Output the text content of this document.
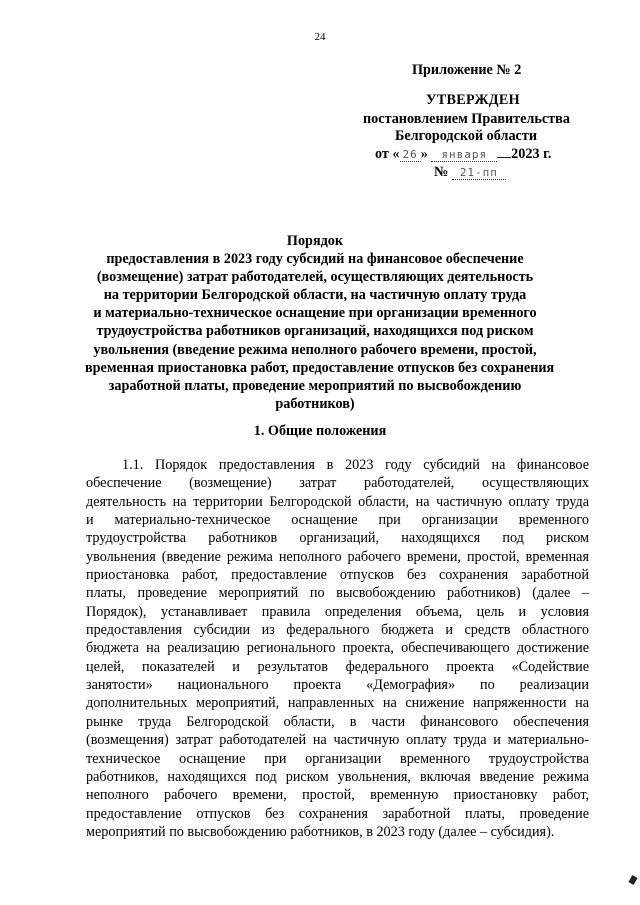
24
Приложение № 2
УТВЕРЖДЕН
постановлением Правительства
Белгородской области
от « 26 » января 2023 г.
№ 21-пп
Порядок
предоставления в 2023 году субсидий на финансовое обеспечение
(возмещение) затрат работодателей, осуществляющих деятельность
на территории Белгородской области, на частичную оплату труда
и материально-техническое оснащение при организации временного
трудоустройства работников организаций, находящихся под риском
увольнения (введение режима неполного рабочего времени, простой,
временная приостановка работ, предоставление отпусков без сохранения
заработной платы, проведение мероприятий по высвобождению
работников)
1. Общие положения
1.1. Порядок предоставления в 2023 году субсидий на финансовое
обеспечение (возмещение) затрат работодателей, осуществляющих
деятельность на территории Белгородской области, на частичную оплату труда
и материально-техническое оснащение при организации временного
трудоустройства работников организаций, находящихся под риском
увольнения (введение режима неполного рабочего времени, простой, временная
приостановка работ, предоставление отпусков без сохранения заработной
платы, проведение мероприятий по высвобождению работников) (далее –
Порядок), устанавливает правила определения объема, цель и условия
предоставления субсидии из федерального бюджета и средств областного
бюджета на реализацию регионального проекта, обеспечивающего достижение
целей, показателей и результатов федерального проекта «Содействие
занятости» национального проекта «Демография» по реализации
дополнительных мероприятий, направленных на снижение напряженности на
рынке труда Белгородской области, в части финансового обеспечения
(возмещения) затрат работодателей на частичную оплату труда и материально-
техническое оснащение при организации временного трудоустройства
работников, находящихся под риском увольнения, включая введение режима
неполного рабочего времени, простой, временную приостановку работ,
предоставление отпусков без сохранения заработной платы, проведение
мероприятий по высвобождению работников, в 2023 году (далее – субсидия).
